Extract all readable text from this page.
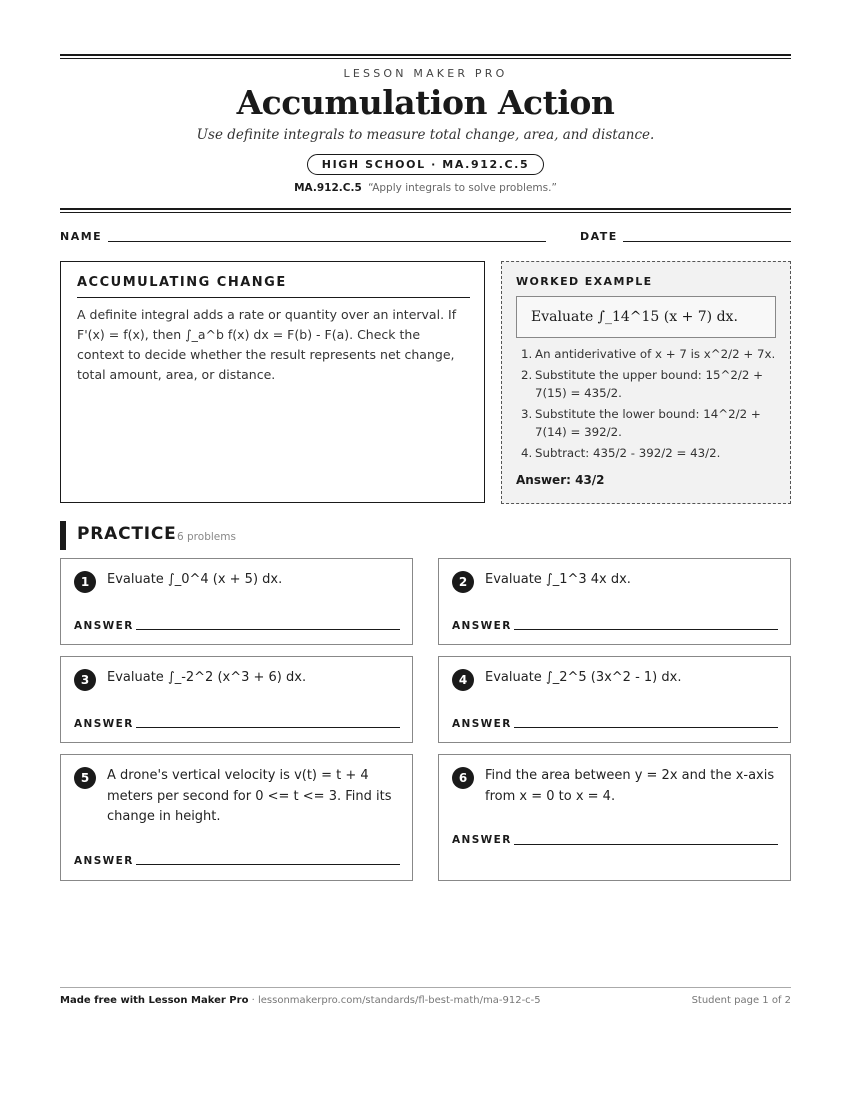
LESSON MAKER PRO
Accumulation Action
Use definite integrals to measure total change, area, and distance.
HIGH SCHOOL · MA.912.C.5
MA.912.C.5 “Apply integrals to solve problems.”
NAME	DATE
ACCUMULATING CHANGE
A definite integral adds a rate or quantity over an interval. If F'(x) = f(x), then ∫_a^b f(x) dx = F(b) - F(a). Check the context to decide whether the result represents net change, total amount, area, or distance.
WORKED EXAMPLE
Evaluate ∫_14^15 (x + 7) dx.
1. An antiderivative of x + 7 is x^2/2 + 7x.
2. Substitute the upper bound: 15^2/2 + 7(15) = 435/2.
3. Substitute the lower bound: 14^2/2 + 7(14) = 392/2.
4. Subtract: 435/2 - 392/2 = 43/2.
Answer: 43/2
PRACTICE 6 problems
1	Evaluate ∫_0^4 (x + 5) dx.
ANSWER
2	Evaluate ∫_1^3 4x dx.
ANSWER
3	Evaluate ∫_-2^2 (x^3 + 6) dx.
ANSWER
4	Evaluate ∫_2^5 (3x^2 - 1) dx.
ANSWER
5	A drone's vertical velocity is v(t) = t + 4 meters per second for 0 <= t <= 3. Find its change in height.
ANSWER
6	Find the area between y = 2x and the x-axis from x = 0 to x = 4.
ANSWER
Made free with Lesson Maker Pro · lessonmakerpro.com/standards/fl-best-math/ma-912-c-5	Student page 1 of 2
